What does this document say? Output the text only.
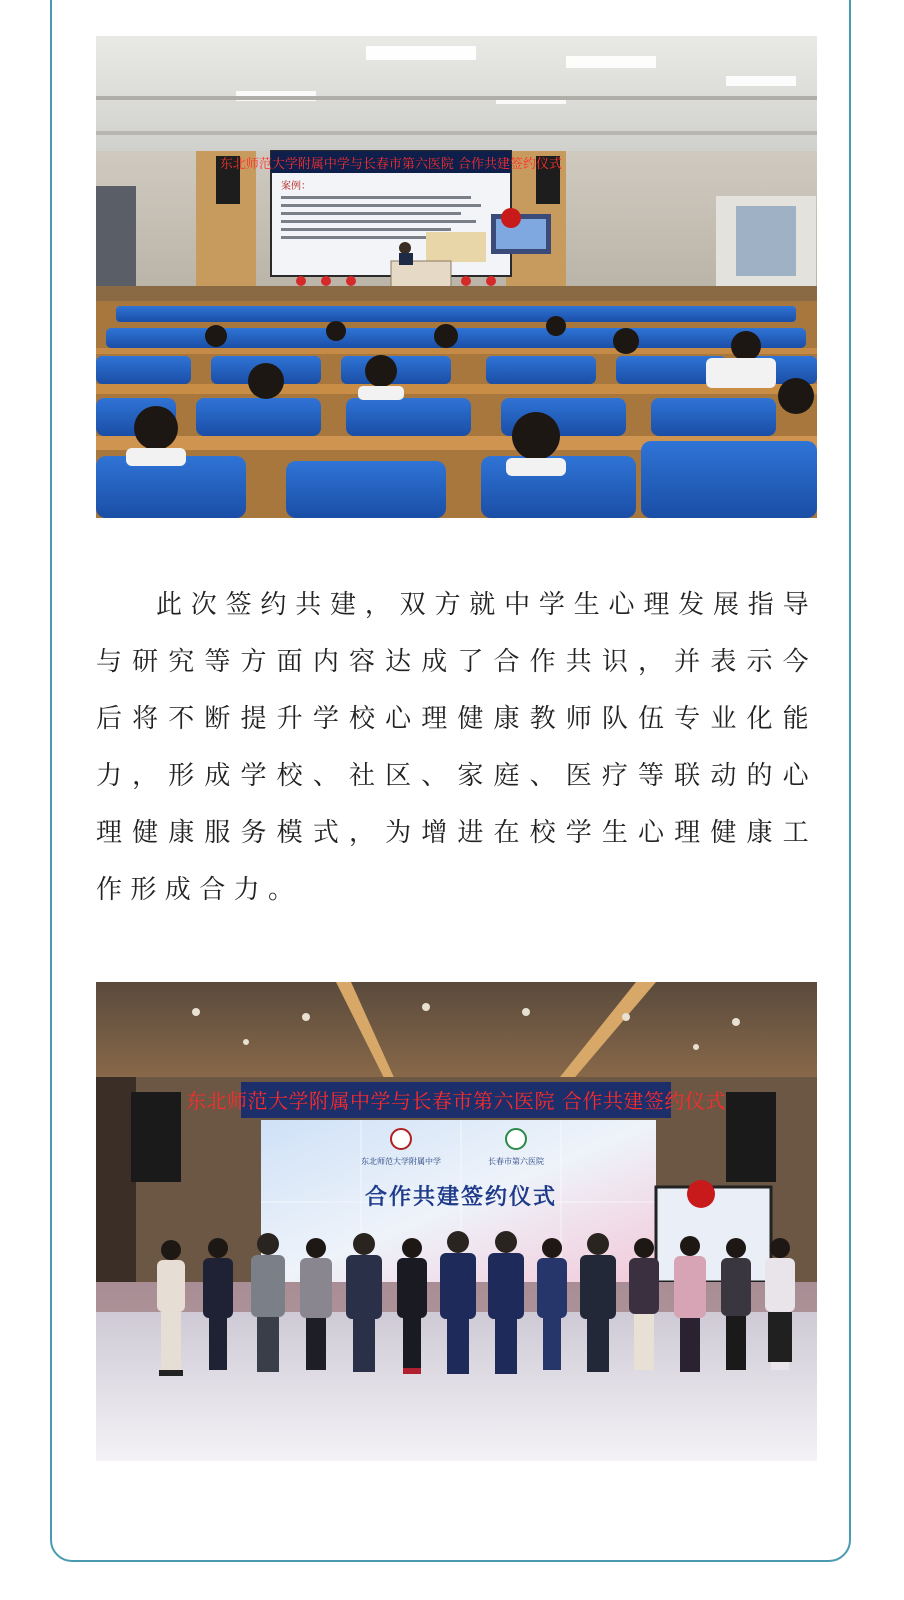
东北师范大学附属中学与长春市第六医院 合作共建签约仪式
案例：

此次签约共建，双方就中学生心理发展指导与研究等方面内容达成了合作共识，并表示今后将不断提升学校心理健康教师队伍专业化能力，形成学校、社区、家庭、医疗等联动的心理健康服务模式，为增进在校学生心理健康工作形成合力。

东北师范大学附属中学与长春市第六医院 合作共建签约仪式
东北师范大学附属中学	长春市第六医院
合作共建签约仪式
